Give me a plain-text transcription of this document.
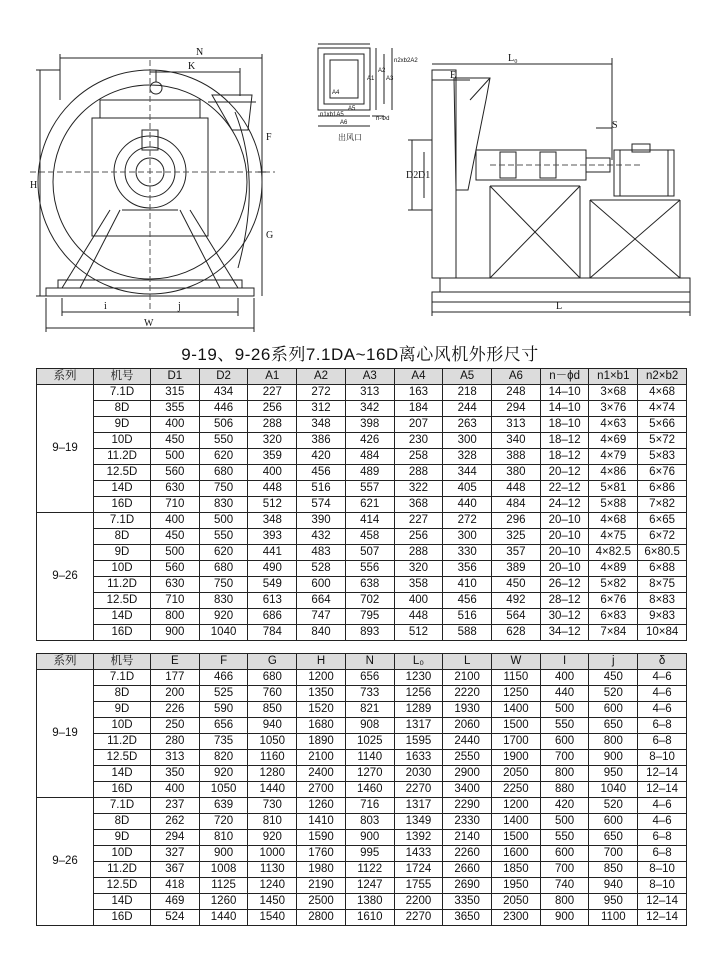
N
K
H
F
G
i	j
W
A1
A2
A3
A4
A5
A6
n1xb1A5
n-Φd
n2xb2A2
出风口
L₀
E
S
D2 D1
L
9-19、9-26系列7.1DA~16D离心风机外形尺寸
系列	机号	D1	D2	A1	A2	A3	A4	A5	A6	n－ϕd	n1×b1	n2×b2
9–19	7.1D	315	434	227	272	313	163	218	248	14–10	3×68	4×68
	8D	355	446	256	312	342	184	244	294	14–10	3×76	4×74
	9D	400	506	288	348	398	207	263	313	18–10	4×63	5×66
	10D	450	550	320	386	426	230	300	340	18–12	4×69	5×72
	11.2D	500	620	359	420	484	258	328	388	18–12	4×79	5×83
	12.5D	560	680	400	456	489	288	344	380	20–12	4×86	6×76
	14D	630	750	448	516	557	322	405	448	22–12	5×81	6×86
	16D	710	830	512	574	621	368	440	484	24–12	5×88	7×82
9–26	7.1D	400	500	348	390	414	227	272	296	20–10	4×68	6×65
	8D	450	550	393	432	458	256	300	325	20–10	4×75	6×72
	9D	500	620	441	483	507	288	330	357	20–10	4×82.5	6×80.5
	10D	560	680	490	528	556	320	356	389	20–10	4×89	6×88
	11.2D	630	750	549	600	638	358	410	450	26–12	5×82	8×75
	12.5D	710	830	613	664	702	400	456	492	28–12	6×76	8×83
	14D	800	920	686	747	795	448	516	564	30–12	6×83	9×83
	16D	900	1040	784	840	893	512	588	628	34–12	7×84	10×84
系列	机号	E	F	G	H	N	L₀	L	W	I	j	δ
9–19	7.1D	177	466	680	1200	656	1230	2100	1150	400	450	4–6
	8D	200	525	760	1350	733	1256	2220	1250	440	520	4–6
	9D	226	590	850	1520	821	1289	1930	1400	500	600	4–6
	10D	250	656	940	1680	908	1317	2060	1500	550	650	6–8
	11.2D	280	735	1050	1890	1025	1595	2440	1700	600	800	6–8
	12.5D	313	820	1160	2100	1140	1633	2550	1900	700	900	8–10
	14D	350	920	1280	2400	1270	2030	2900	2050	800	950	12–14
	16D	400	1050	1440	2700	1460	2270	3400	2250	880	1040	12–14
9–26	7.1D	237	639	730	1260	716	1317	2290	1200	420	520	4–6
	8D	262	720	810	1410	803	1349	2330	1400	500	600	4–6
	9D	294	810	920	1590	900	1392	2140	1500	550	650	6–8
	10D	327	900	1000	1760	995	1433	2260	1600	600	700	6–8
	11.2D	367	1008	1130	1980	1122	1724	2660	1850	700	850	8–10
	12.5D	418	1125	1240	2190	1247	1755	2690	1950	740	940	8–10
	14D	469	1260	1450	2500	1380	2200	3350	2050	800	950	12–14
	16D	524	1440	1540	2800	1610	2270	3650	2300	900	1100	12–14
